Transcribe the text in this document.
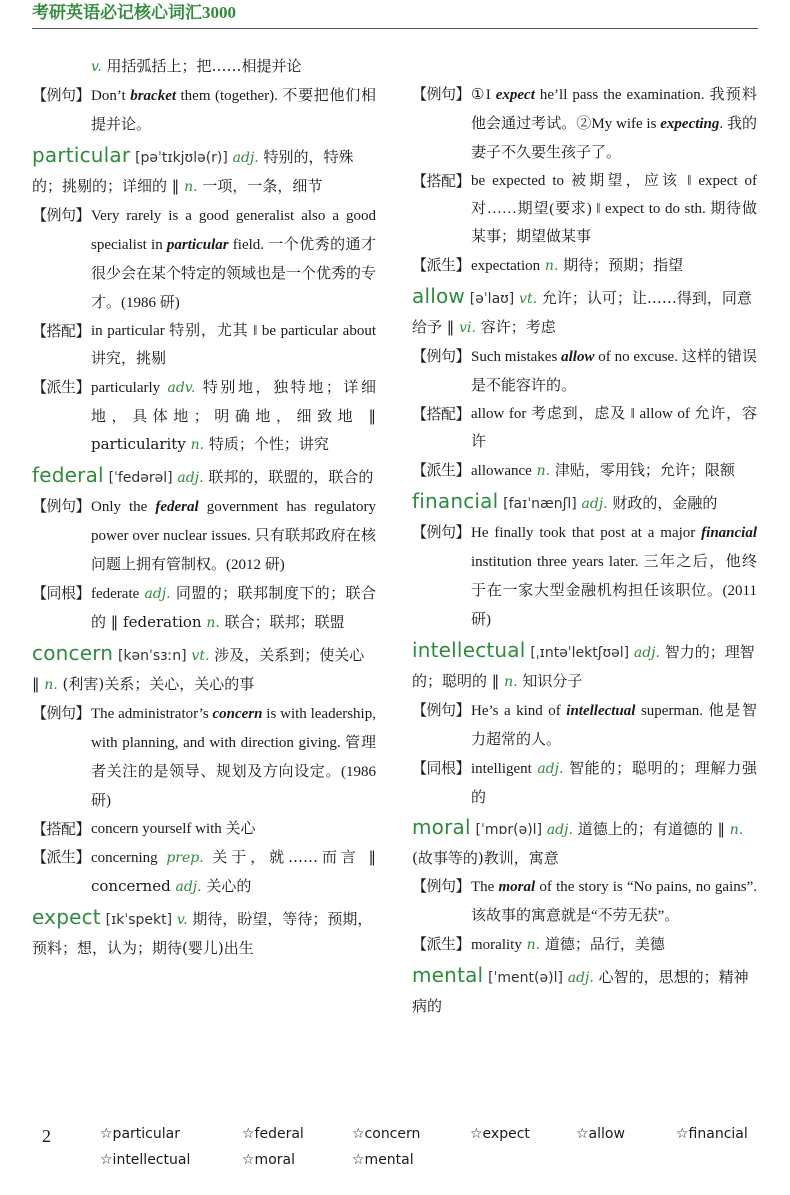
考研英语必记核心词汇3000
v. 用括弧括上；把……相提并论
【例句】 Don’t bracket them (together). 不要把他们相提并论。
particular [pəˈtɪkjʊlə(r)] adj. 特别的，特殊的；挑剔的；详细的 ‖ n. 一项，一条，细节
【例句】 Very rarely is a good generalist also a good specialist in particular field. 一个优秀的通才很少会在某个特定的领域也是一个优秀的专才。(1986 研)
【搭配】 in particular 特别，尤其 ‖ be particular about 讲究，挑剔
【派生】 particularly adv. 特别地，独特地；详细地，具体地；明确地，细致地 ‖ particularity n. 特质；个性；讲究
federal [ˈfedərəl] adj. 联邦的，联盟的，联合的
【例句】 Only the federal government has regulatory power over nuclear issues. 只有联邦政府在核问题上拥有管制权。(2012 研)
【同根】 federate adj. 同盟的；联邦制度下的；联合的 ‖ federation n. 联合；联邦；联盟
concern [kənˈsɜːn] vt. 涉及，关系到；使关心 ‖ n. (利害)关系；关心，关心的事
【例句】 The administrator’s concern is with leadership, with planning, and with direction giving. 管理者关注的是领导、规划及方向设定。(1986 研)
【搭配】 concern yourself with 关心
【派生】 concerning prep. 关于，就……而言 ‖ concerned adj. 关心的
expect [ɪkˈspekt] v. 期待，盼望，等待；预期，预料；想，认为；期待(婴儿)出生
【例句】 ①I expect he’ll pass the examination. 我预料他会通过考试。②My wife is expecting. 我的妻子不久要生孩子了。
【搭配】 be expected to 被期望，应该 ‖ expect of 对……期望(要求) ‖ expect to do sth. 期待做某事；期望做某事
【派生】 expectation n. 期待；预期；指望
allow [əˈlaʊ] vt. 允许；认可；让……得到，同意给予 ‖ vi. 容许；考虑
【例句】 Such mistakes allow of no excuse. 这样的错误是不能容许的。
【搭配】 allow for 考虑到，虑及 ‖ allow of 允许，容许
【派生】 allowance n. 津贴，零用钱；允许；限额
financial [faɪˈnænʃl] adj. 财政的，金融的
【例句】 He finally took that post at a major financial institution three years later. 三年之后，他终于在一家大型金融机构担任该职位。(2011 研)
intellectual [ˌɪntəˈlektʃʊəl] adj. 智力的；理智的；聪明的 ‖ n. 知识分子
【例句】 He’s a kind of intellectual superman. 他是智力超常的人。
【同根】 intelligent adj. 智能的；聪明的；理解力强的
moral [ˈmɒr(ə)l] adj. 道德上的；有道德的 ‖ n. (故事等的)教训，寓意
【例句】 The moral of the story is “No pains, no gains”. 该故事的寓意就是“不劳无获”。
【派生】 morality n. 道德；品行，美德
mental [ˈment(ə)l] adj. 心智的，思想的；精神病的
2	☆particular	☆federal	☆concern	☆expect	☆allow	☆financial
☆intellectual	☆moral	☆mental
